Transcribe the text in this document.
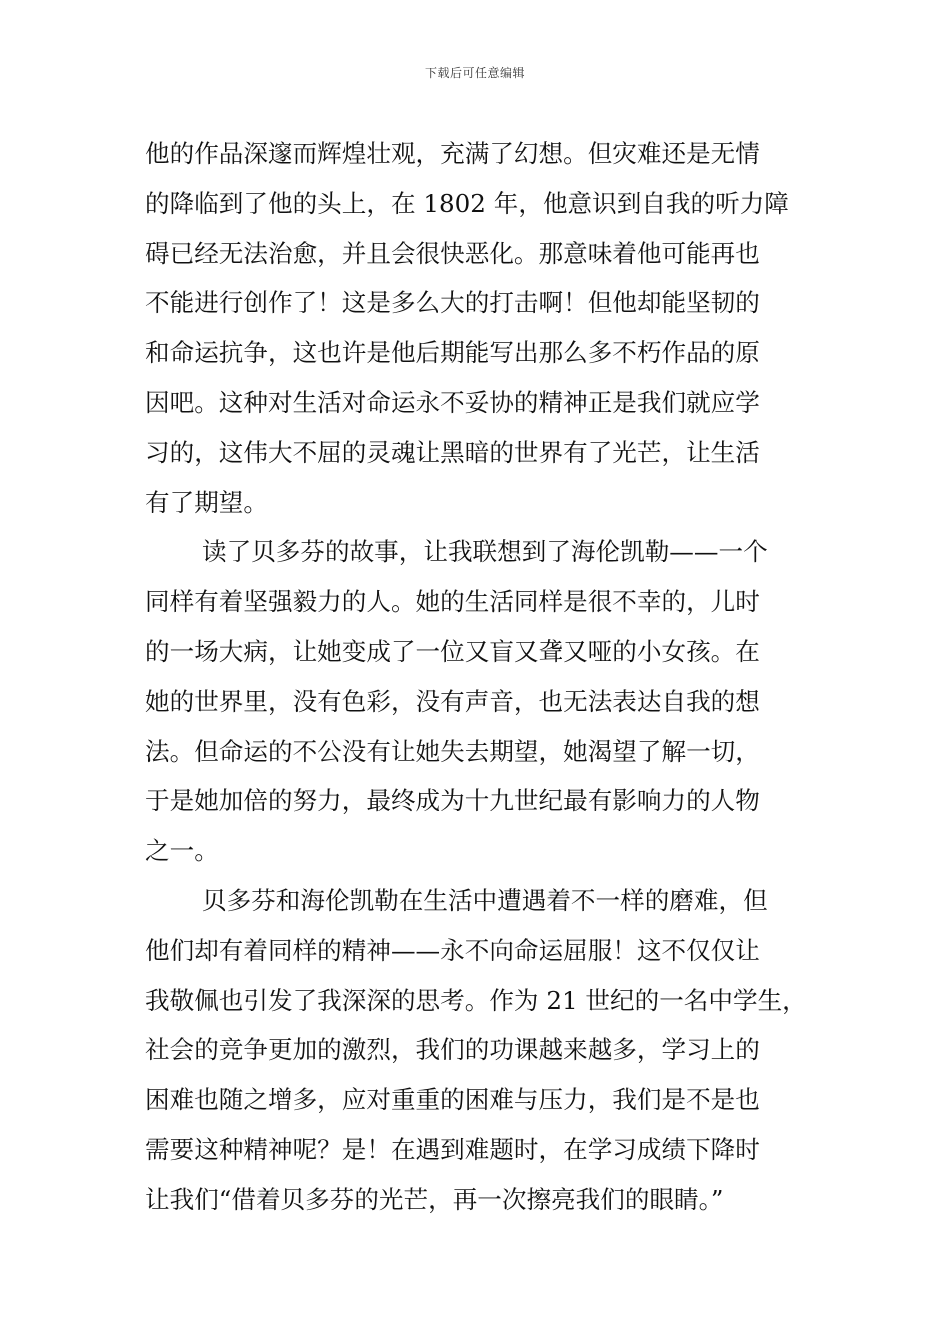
下载后可任意编辑
他的作品深邃而辉煌壮观，充满了幻想。但灾难还是无情
的降临到了他的头上，在 1802 年，他意识到自我的听力障
碍已经无法治愈，并且会很快恶化。那意味着他可能再也
不能进行创作了！这是多么大的打击啊！但他却能坚韧的
和命运抗争，这也许是他后期能写出那么多不朽作品的原
因吧。这种对生活对命运永不妥协的精神正是我们就应学
习的，这伟大不屈的灵魂让黑暗的世界有了光芒，让生活
有了期望。
读了贝多芬的故事，让我联想到了海伦凯勒——一个
同样有着坚强毅力的人。她的生活同样是很不幸的，儿时
的一场大病，让她变成了一位又盲又聋又哑的小女孩。在
她的世界里，没有色彩，没有声音，也无法表达自我的想
法。但命运的不公没有让她失去期望，她渴望了解一切，
于是她加倍的努力，最终成为十九世纪最有影响力的人物
之一。
贝多芬和海伦凯勒在生活中遭遇着不一样的磨难，但
他们却有着同样的精神——永不向命运屈服！这不仅仅让
我敬佩也引发了我深深的思考。作为 21 世纪的一名中学生，
社会的竞争更加的激烈，我们的功课越来越多，学习上的
困难也随之增多，应对重重的困难与压力，我们是不是也
需要这种精神呢？是！在遇到难题时，在学习成绩下降时
让我们“借着贝多芬的光芒，再一次擦亮我们的眼睛。”
